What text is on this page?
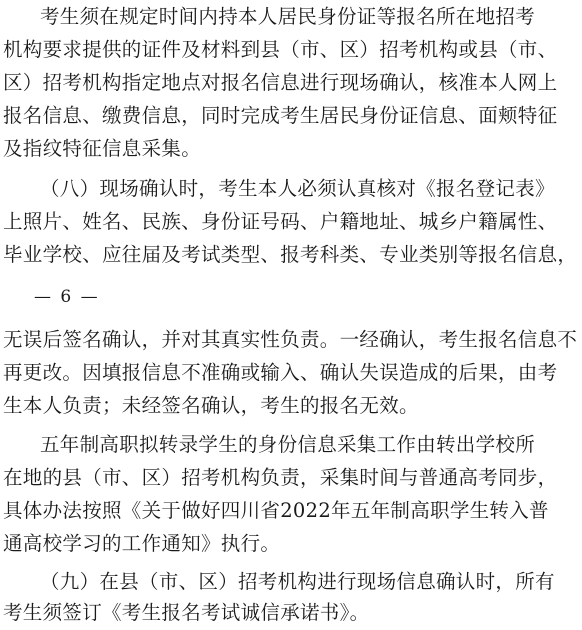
考生须在规定时间内持本人居民身份证等报名所在地招考
机构要求提供的证件及材料到县（市、区）招考机构或县（市、
区）招考机构指定地点对报名信息进行现场确认，核准本人网上
报名信息、缴费信息，同时完成考生居民身份证信息、面颊特征
及指纹特征信息采集。
（八）现场确认时，考生本人必须认真核对《报名登记表》
上照片、姓名、民族、身份证号码、户籍地址、城乡户籍属性、
毕业学校、应往届及考试类型、报考科类、专业类别等报名信息，
— 6 —
无误后签名确认，并对其真实性负责。一经确认，考生报名信息不
再更改。因填报信息不准确或输入、确认失误造成的后果，由考
生本人负责；未经签名确认，考生的报名无效。
五年制高职拟转录学生的身份信息采集工作由转出学校所
在地的县（市、区）招考机构负责，采集时间与普通高考同步，
具体办法按照《关于做好四川省2022年五年制高职学生转入普
通高校学习的工作通知》执行。
（九）在县（市、区）招考机构进行现场信息确认时，所有
考生须签订《考生报名考试诚信承诺书》。
